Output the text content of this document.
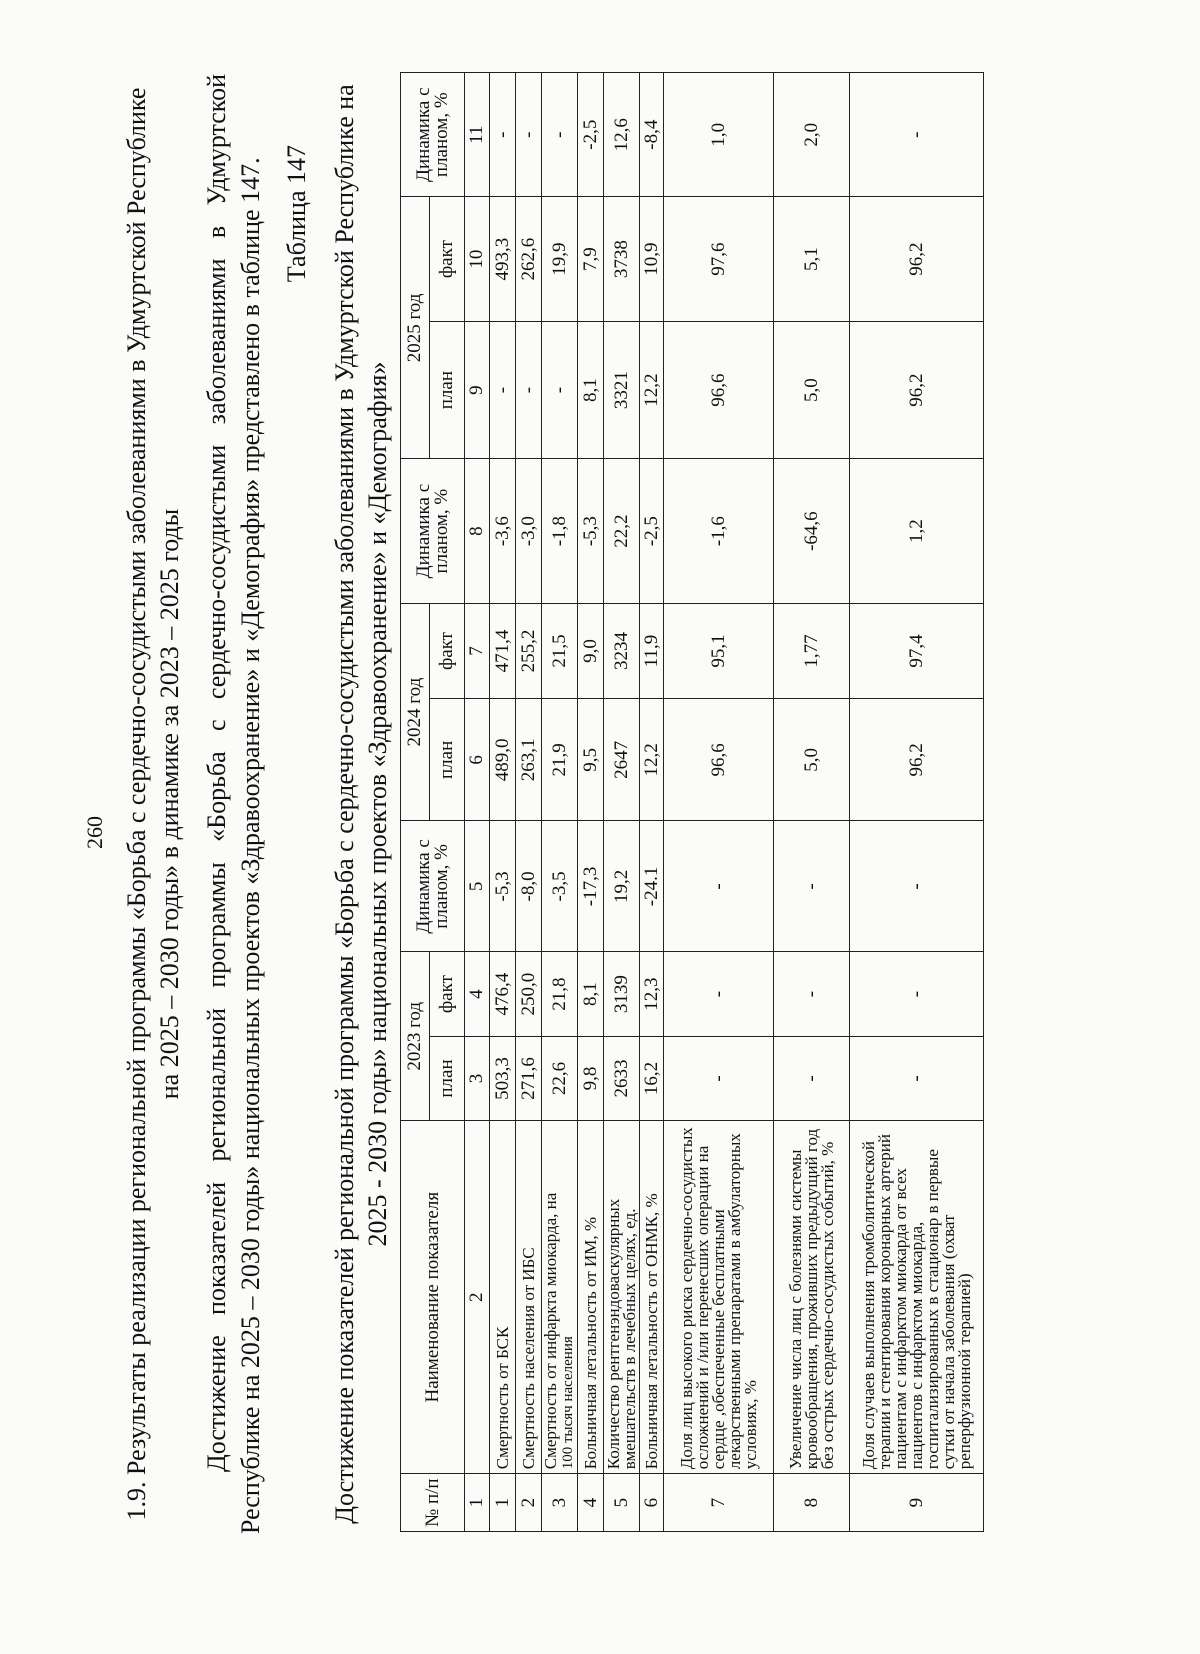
260 1.9. Результаты реализации региональной программы «Борьба с сердечно-сосудистыми заболеваниями в Удмуртской Республике на 2025 – 2030 годы» в динамике за 2023 – 2025 годы Достижение показателей региональной программы «Борьба с сердечно-сосудистыми заболеваниями в Удмуртской Республике на 2025 – 2030 годы» национальных проектов «Здравоохранение» и «Демография» представлено в таблице 147. Таблица 147 Достижение показателей региональной программы «Борьба с сердечно-сосудистыми заболеваниями в Удмуртской Республике на 2025 - 2030 годы» национальных проектов «Здравоохранение» и «Демография»
№ п/п	Наименование показателя	2023 год		Динамика с планом, %	2024 год		Динамика с планом, %	2025 год		Динамика с планом, %
		план	факт		план	факт		план	факт	
1	2	3	4	5	6	7	8	9	10	11
1	Смертность от БСК	503,3	476,4	-5,3	489,0	471,4	-3,6	-	493,3	-
2	Смертность населения от ИБС	271,6	250,0	-8,0	263,1	255,2	-3,0	-	262,6	-
3	Смертность от инфаркта миокарда, на
100 тысяч населения	22,6	21,8	-3,5	21,9	21,5	-1,8	-	19,9	-
4	Больничная летальность от ИМ, %	9,8	8,1	-17,3	9,5	9,0	-5,3	8,1	7,9	-2,5
5	Количество рентгенэндоваскулярных вмешательств в лечебных целях, ед.	2633	3139	19,2	2647	3234	22,2	3321	3738	12,6
6	Больничная летальность от ОНМК, %	16,2	12,3	-24.1	12,2	11,9	-2,5	12,2	10,9	-8,4
7	Доля лиц высокого риска сердечно-сосудистых осложнений и /или перенесших операции на сердце ,обеспеченные бесплатными лекарственными препаратами в амбулаторных условиях, %	-	-	-	96,6	95,1	-1,6	96,6	97,6	1,0
8	Увеличение числа лиц с болезнями системы кровообращения, проживших предыдущий год без острых сердечно-сосудистых событий, %	-	-	-	5,0	1,77	-64,6	5,0	5,1	2,0
9	Доля случаев выполнения тромболитической терапии и стентирования коронарных артерий пациентам с инфарктом миокарда от всех пациентов с инфарктом миокарда, госпитализированных в стационар в первые сутки от начала заболевания (охват реперфузионной терапией)	-	-	-	96,2	97,4	1,2	96,2	96,2	-
